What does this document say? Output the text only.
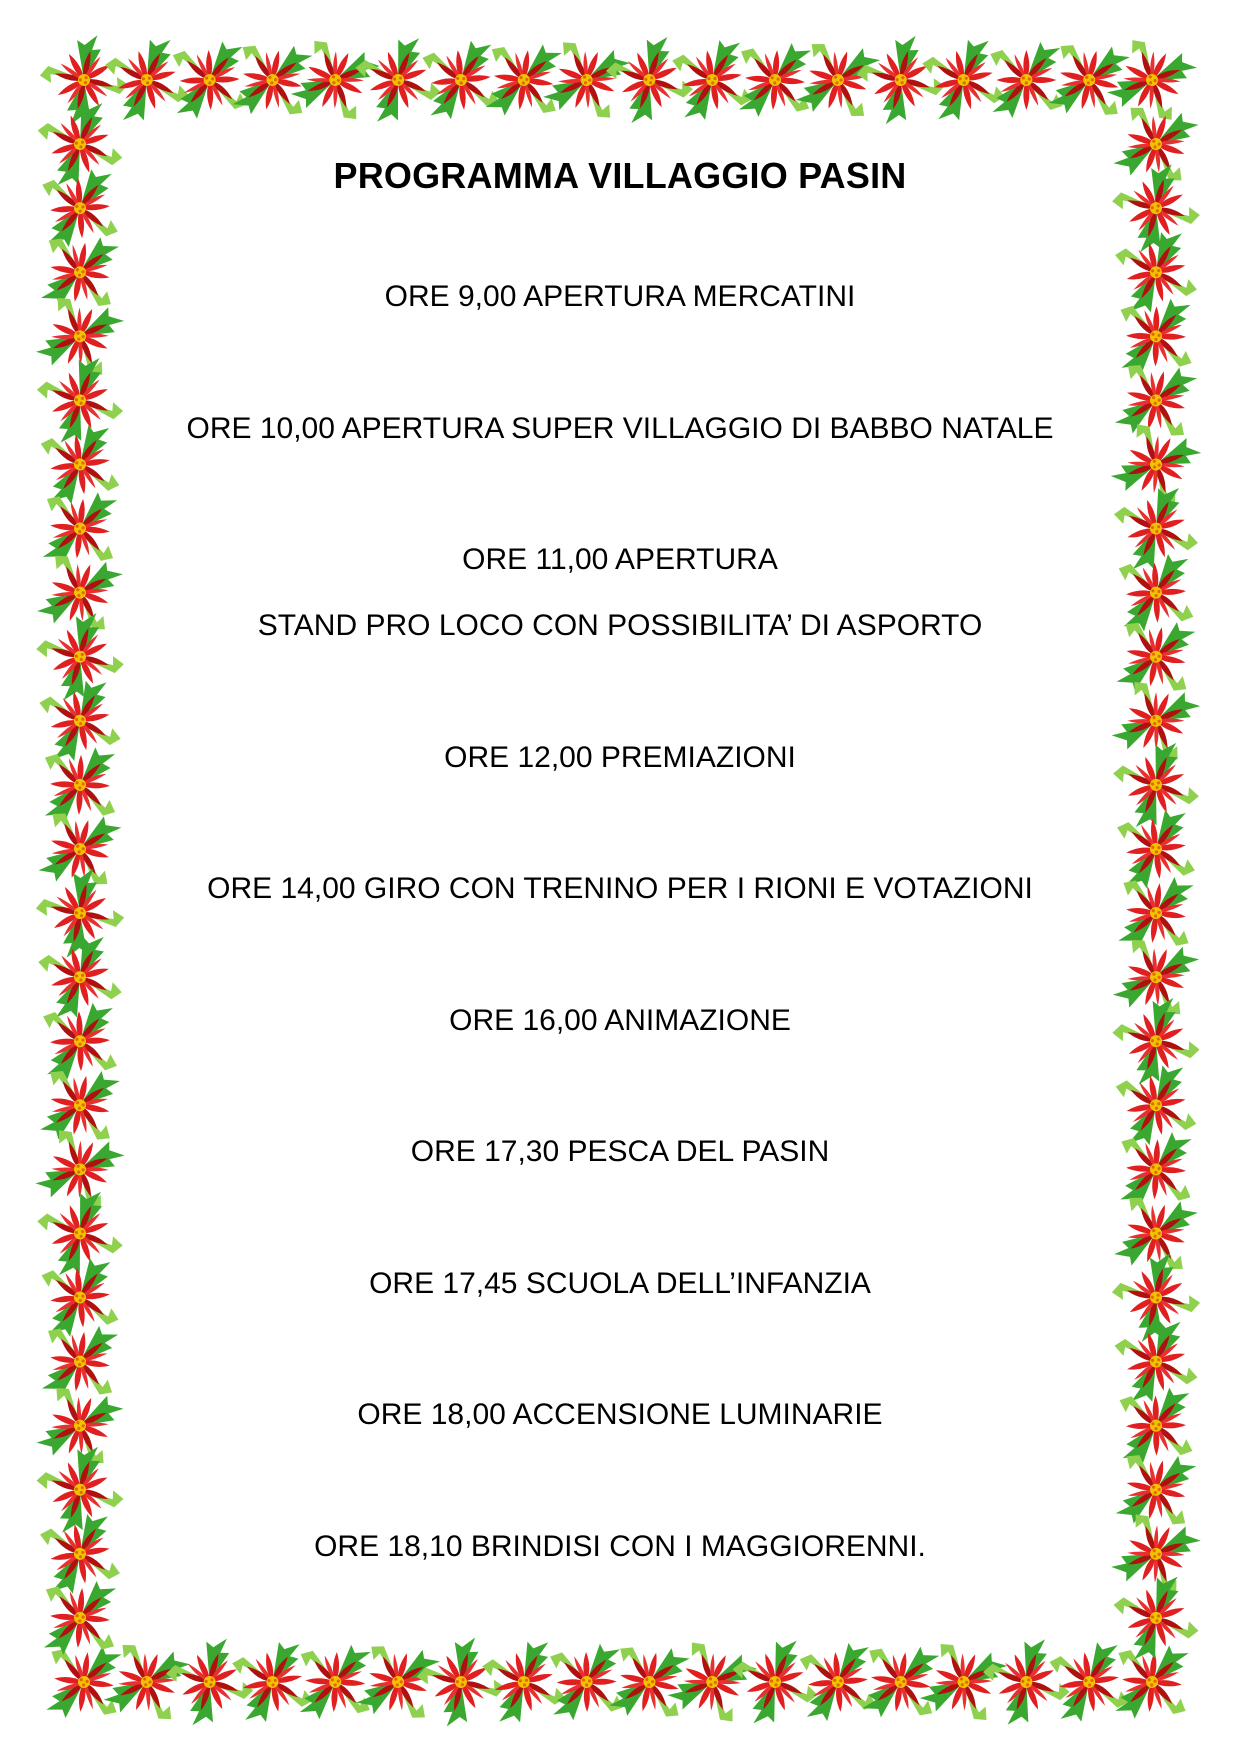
PROGRAMMA VILLAGGIO PASIN
ORE 9,00 APERTURA MERCATINI
ORE 10,00 APERTURA SUPER VILLAGGIO DI BABBO NATALE
ORE 11,00 APERTURA
STAND PRO LOCO CON POSSIBILITA’ DI ASPORTO
ORE 12,00 PREMIAZIONI
ORE 14,00 GIRO CON TRENINO PER I RIONI E VOTAZIONI
ORE 16,00 ANIMAZIONE
ORE 17,30 PESCA DEL PASIN
ORE 17,45 SCUOLA DELL’INFANZIA
ORE 18,00 ACCENSIONE LUMINARIE
ORE 18,10 BRINDISI CON I MAGGIORENNI.
